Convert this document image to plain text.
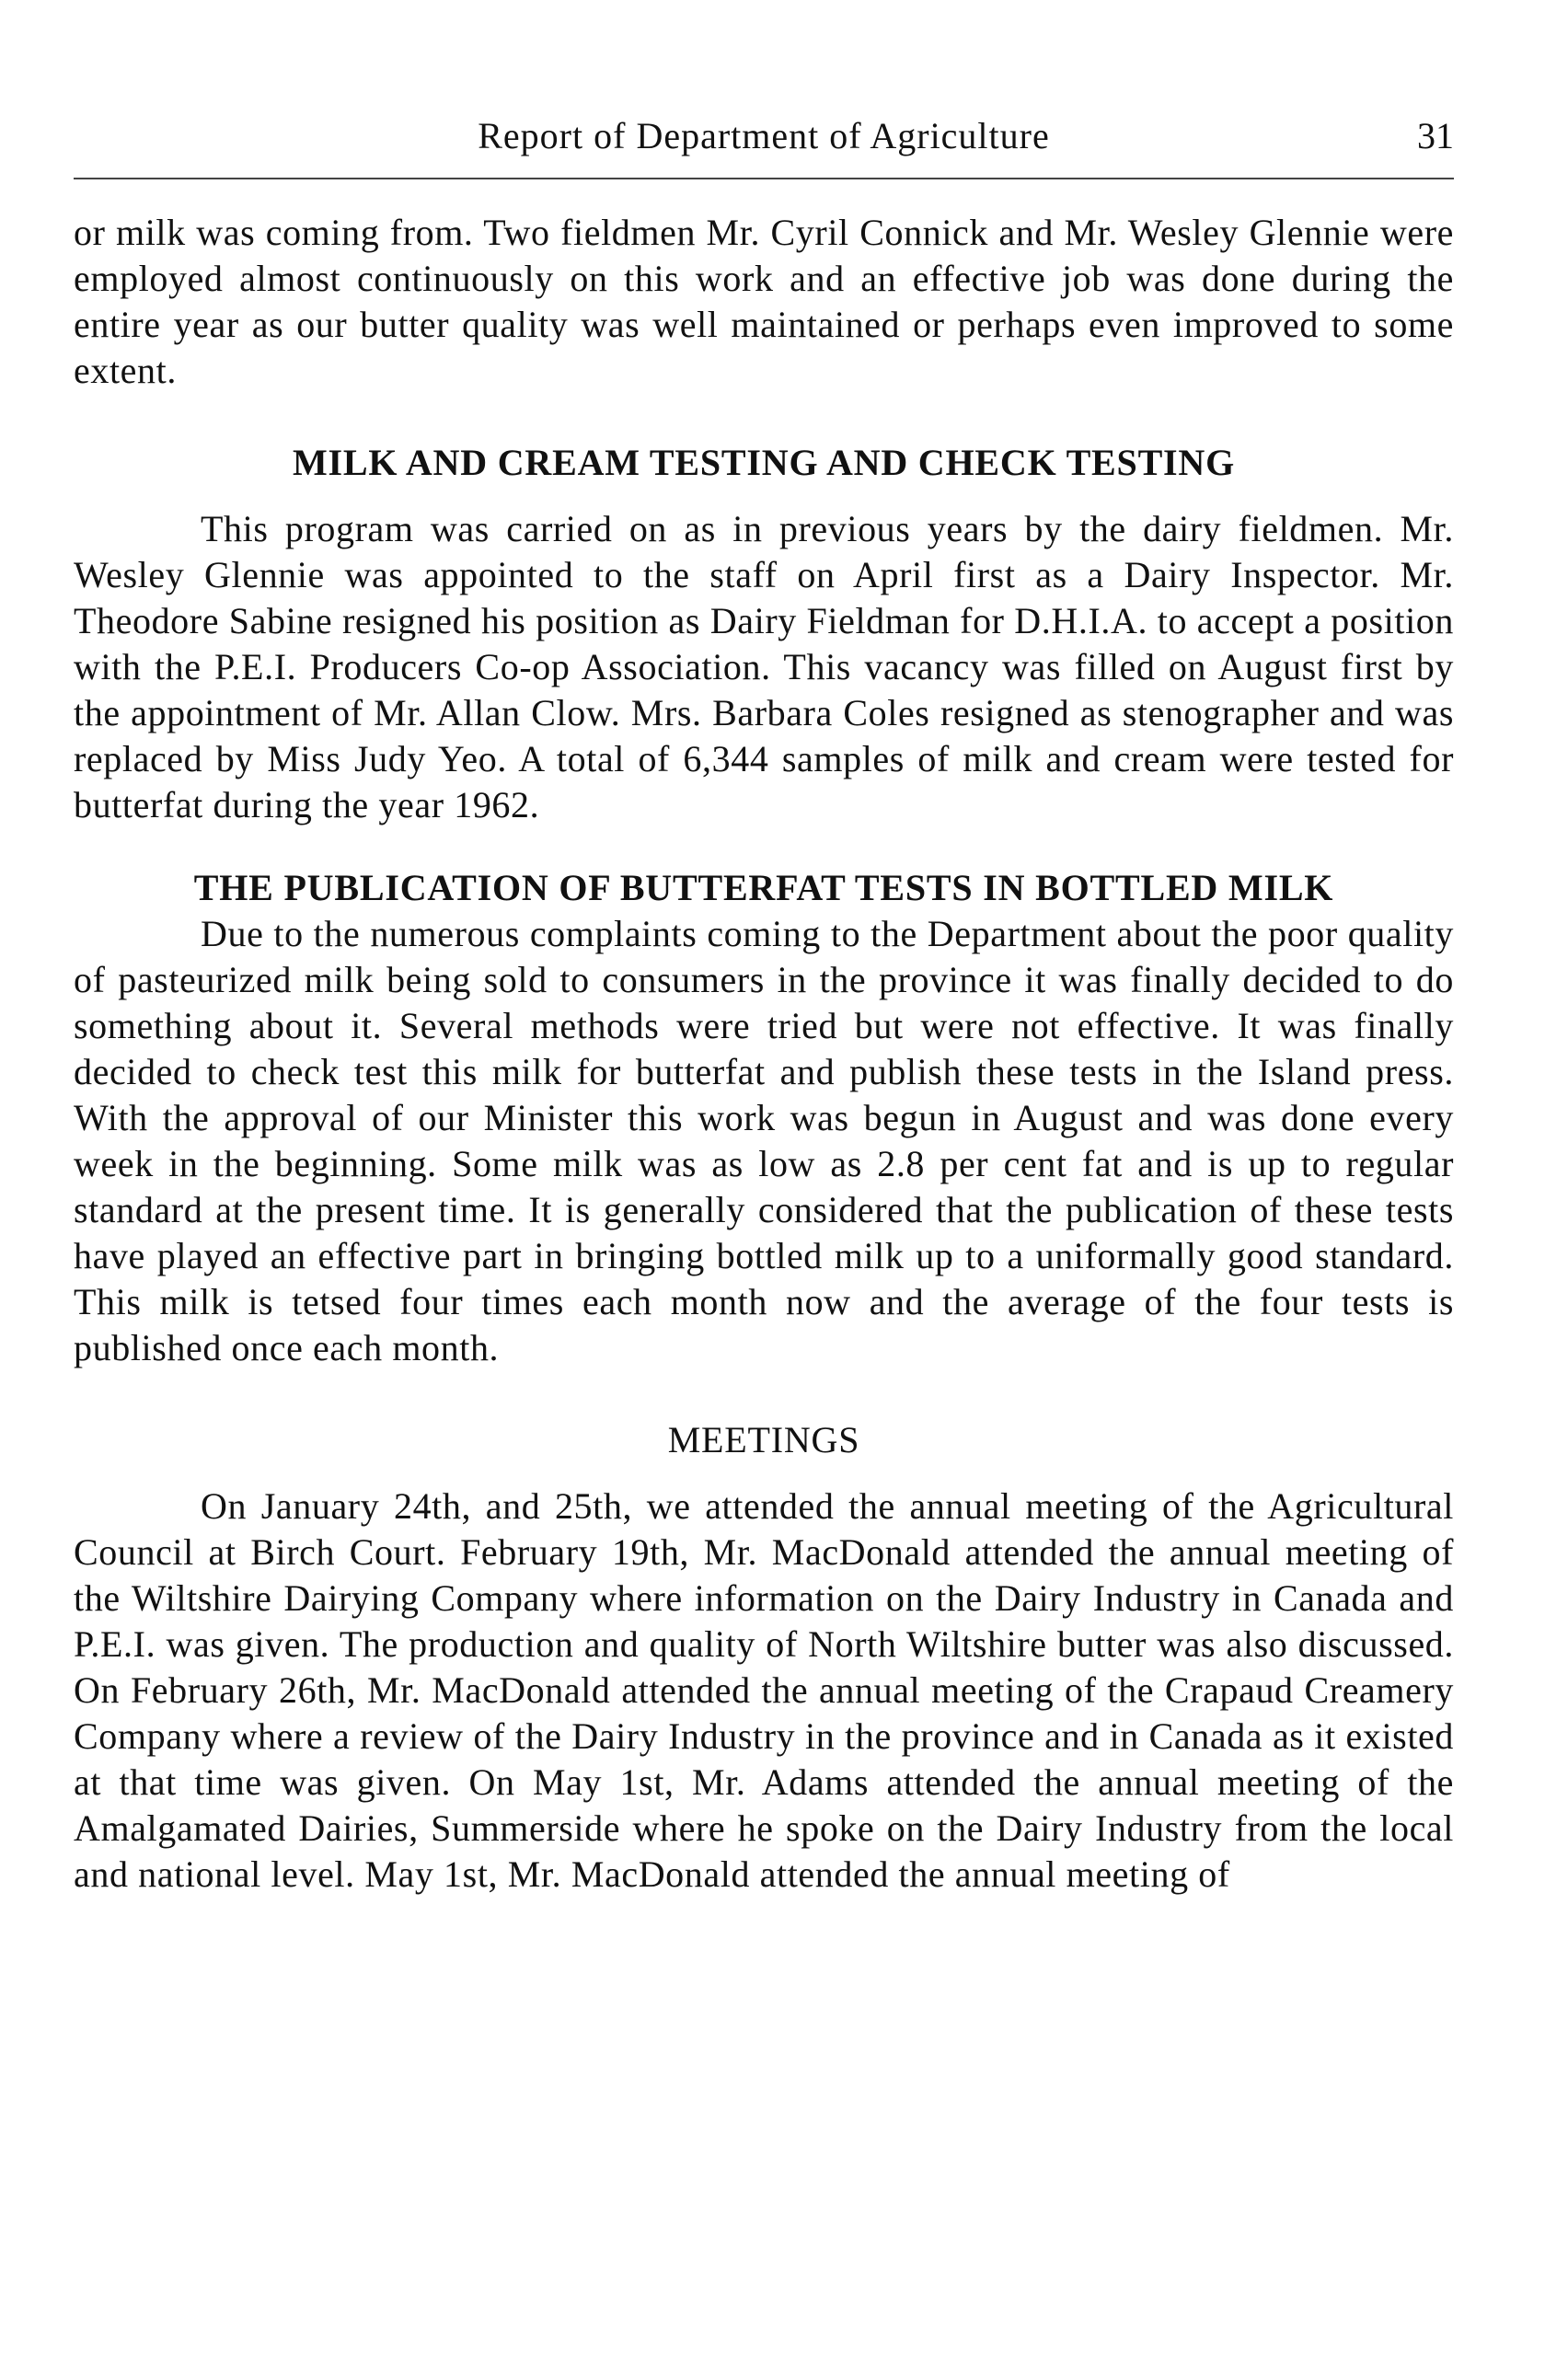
Report of Department of Agriculture	31

or milk was coming from. Two fieldmen Mr. Cyril Connick and Mr. Wesley Glennie were employed almost continuously on this work and an effective job was done during the entire year as our butter quality was well maintained or perhaps even improved to some extent.

MILK AND CREAM TESTING AND CHECK TESTING

This program was carried on as in previous years by the dairy fieldmen. Mr. Wesley Glennie was appointed to the staff on April first as a Dairy Inspector. Mr. Theodore Sabine resigned his position as Dairy Fieldman for D.H.I.A. to accept a position with the P.E.I. Producers Co-op Association. This vacancy was filled on August first by the appointment of Mr. Allan Clow. Mrs. Barbara Coles resigned as stenographer and was replaced by Miss Judy Yeo. A total of 6,344 samples of milk and cream were tested for butterfat during the year 1962.

THE PUBLICATION OF BUTTERFAT TESTS IN BOTTLED MILK

Due to the numerous complaints coming to the Department about the poor quality of pasteurized milk being sold to consumers in the province it was finally decided to do something about it. Several methods were tried but were not effective. It was finally decided to check test this milk for butterfat and publish these tests in the Island press. With the approval of our Minister this work was begun in August and was done every week in the beginning. Some milk was as low as 2.8 per cent fat and is up to regular standard at the present time. It is generally considered that the publication of these tests have played an effective part in bringing bottled milk up to a uniformally good standard. This milk is tetsed four times each month now and the average of the four tests is published once each month.

MEETINGS

On January 24th, and 25th, we attended the annual meeting of the Agricultural Council at Birch Court. February 19th, Mr. MacDonald attended the annual meeting of the Wiltshire Dairying Company where information on the Dairy Industry in Canada and P.E.I. was given. The production and quality of North Wiltshire butter was also discussed. On February 26th, Mr. MacDonald attended the annual meeting of the Crapaud Creamery Company where a review of the Dairy Industry in the province and in Canada as it existed at that time was given. On May 1st, Mr. Adams attended the annual meeting of the Amalgamated Dairies, Summerside where he spoke on the Dairy Industry from the local and national level. May 1st, Mr. MacDonald attended the annual meeting of
